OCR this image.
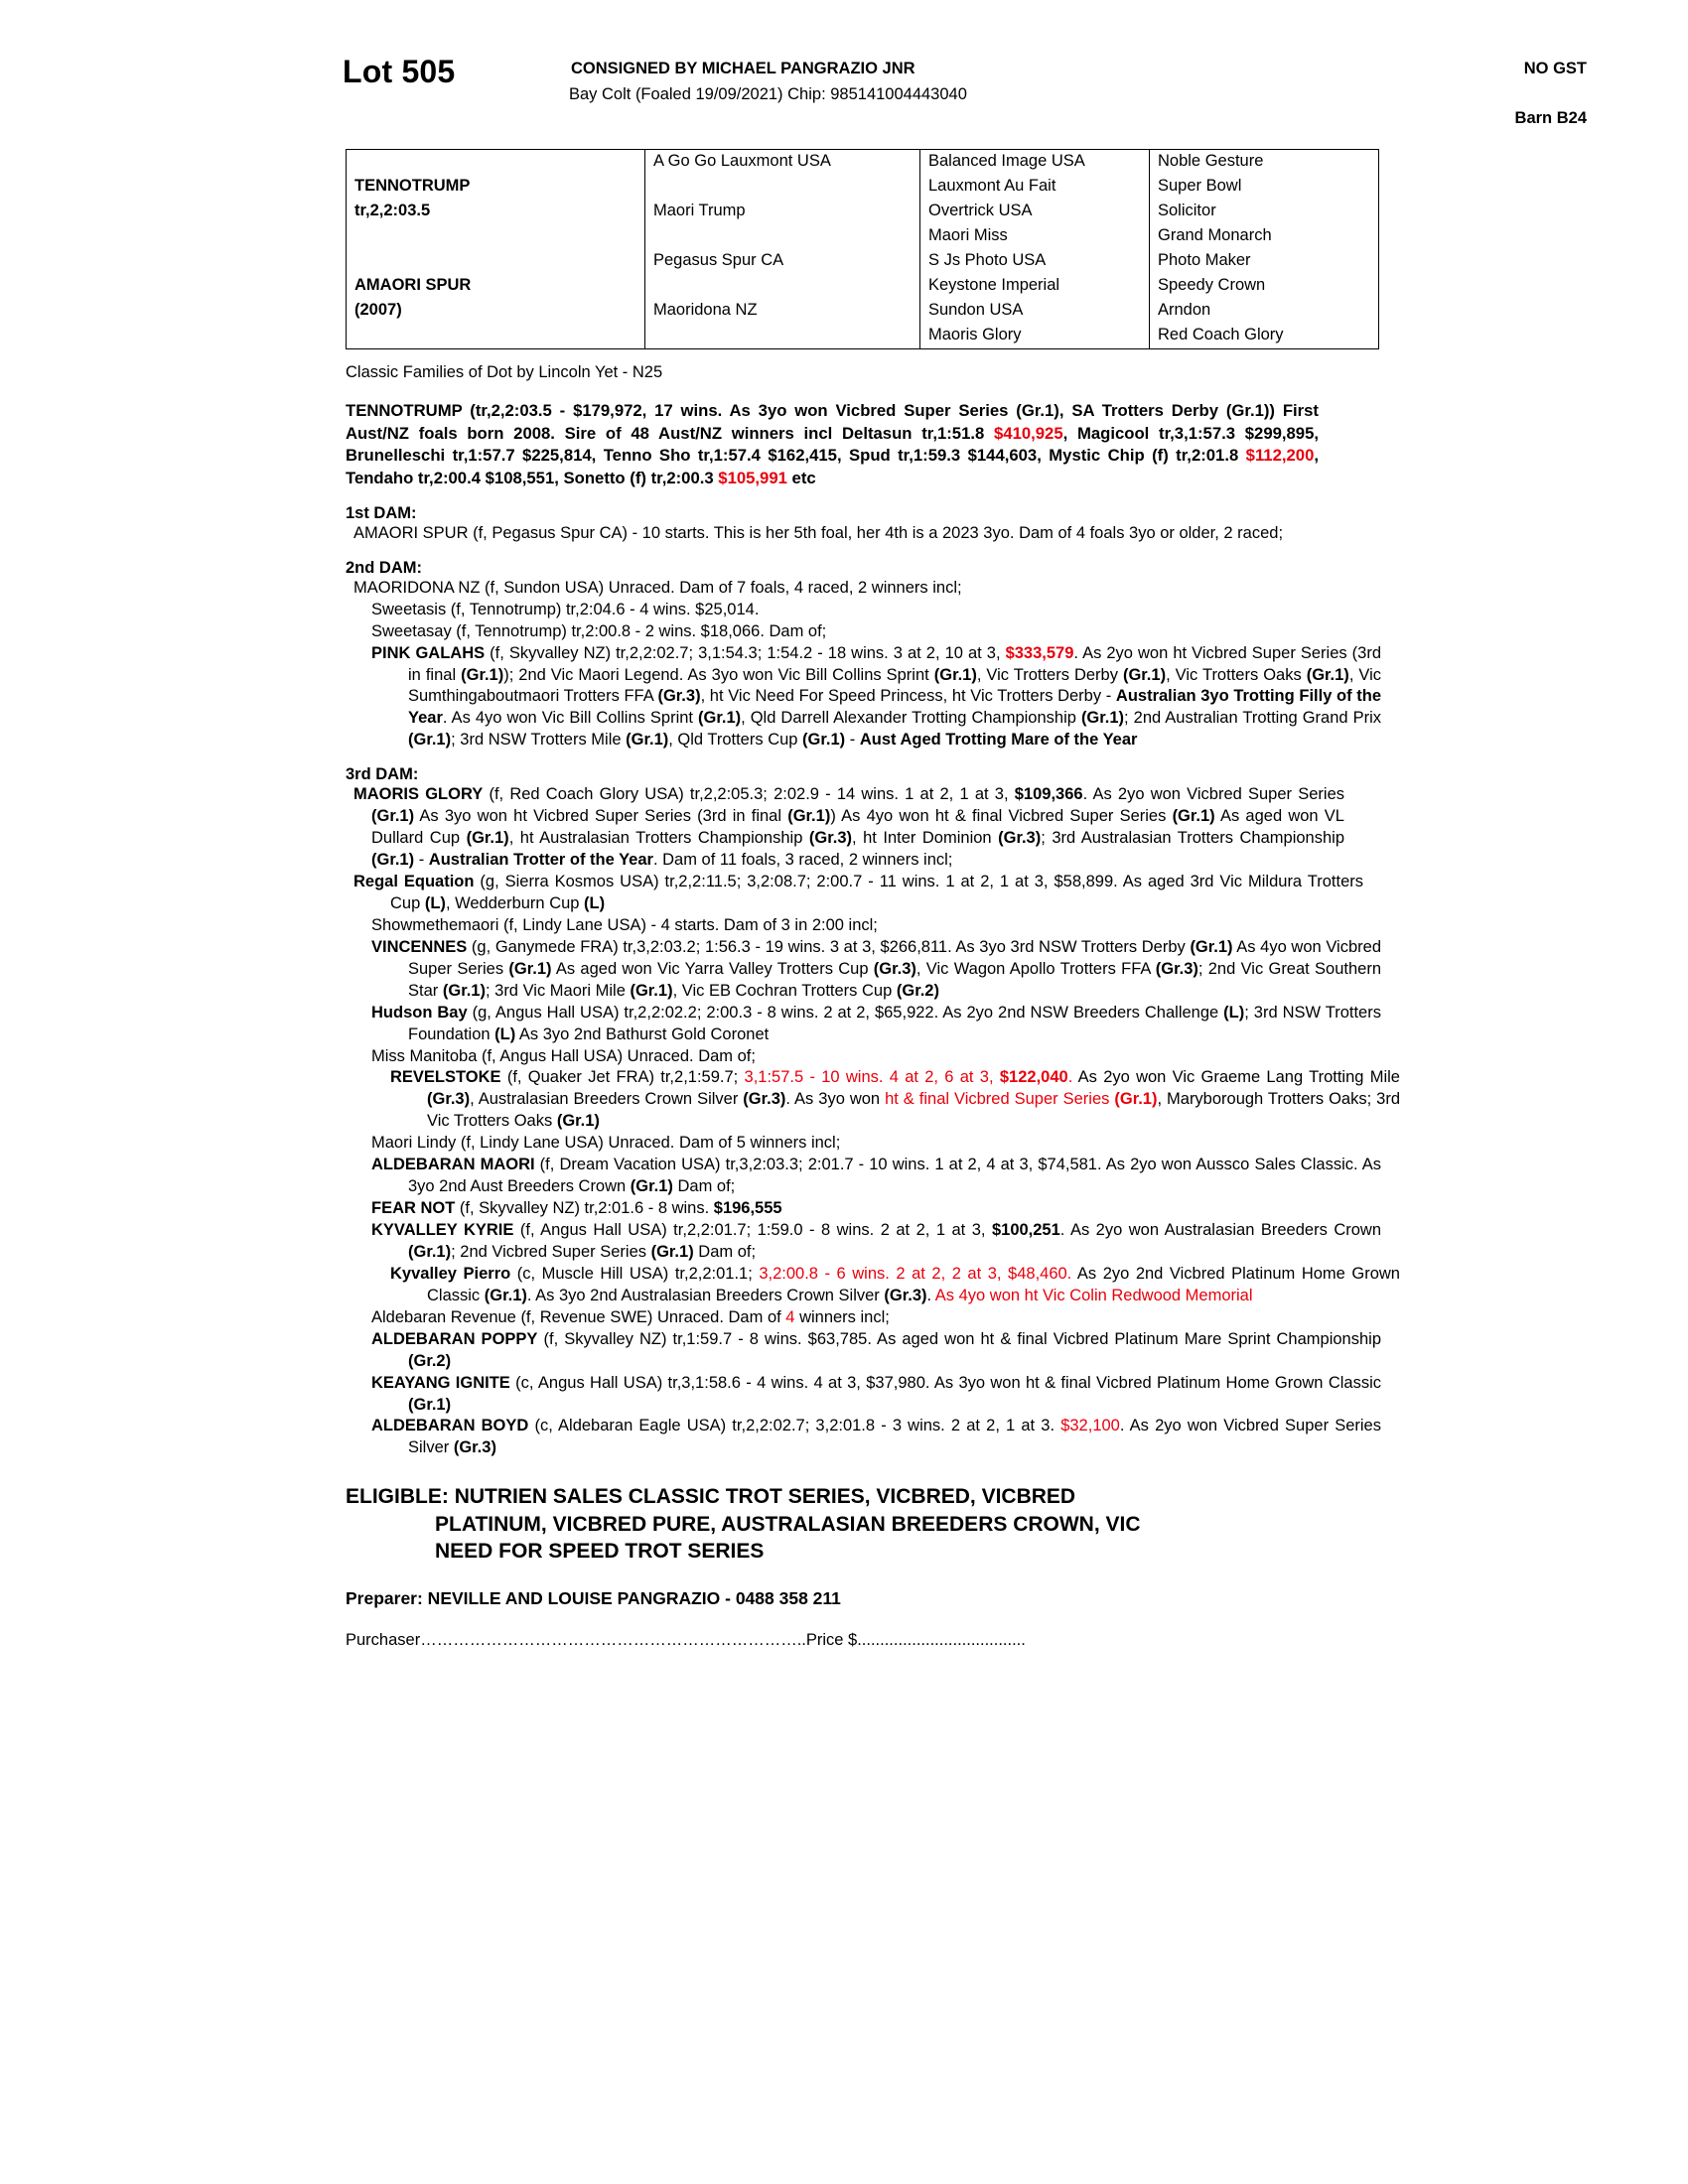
Lot 505	CONSIGNED BY MICHAEL PANGRAZIO JNR
Bay Colt (Foaled 19/09/2021) Chip: 985141004443040
NO GST
Barn B24
	A Go Go Lauxmont USA	Balanced Image USA	Noble Gesture
TENNOTRUMP		Lauxmont Au Fait	Super Bowl
tr,2,2:03.5	Maori Trump	Overtrick USA	Solicitor
		Maori Miss	Grand Monarch
	Pegasus Spur CA	S Js Photo USA	Photo Maker
AMAORI SPUR		Keystone Imperial	Speedy Crown
(2007)	Maoridona NZ	Sundon USA	Arndon
		Maoris Glory	Red Coach Glory
Classic Families of Dot by Lincoln Yet - N25
TENNOTRUMP (tr,2,2:03.5 - $179,972, 17 wins. As 3yo won Vicbred Super Series (Gr.1), SA Trotters Derby (Gr.1)) First Aust/NZ foals born 2008. Sire of 48 Aust/NZ winners incl Deltasun tr,1:51.8 $410,925, Magicool tr,3,1:57.3 $299,895, Brunelleschi tr,1:57.7 $225,814, Tenno Sho tr,1:57.4 $162,415, Spud tr,1:59.3 $144,603, Mystic Chip (f) tr,2:01.8 $112,200, Tendaho tr,2:00.4 $108,551, Sonetto (f) tr,2:00.3 $105,991 etc
1st DAM:
AMAORI SPUR (f, Pegasus Spur CA) - 10 starts. This is her 5th foal, her 4th is a 2023 3yo. Dam of 4 foals 3yo or older, 2 raced;
2nd DAM:
MAORIDONA NZ (f, Sundon USA) Unraced. Dam of 7 foals, 4 raced, 2 winners incl;
Sweetasis (f, Tennotrump) tr,2:04.6 - 4 wins. $25,014.
Sweetasay (f, Tennotrump) tr,2:00.8 - 2 wins. $18,066. Dam of;
PINK GALAHS (f, Skyvalley NZ) tr,2,2:02.7; 3,1:54.3; 1:54.2 - 18 wins. 3 at 2, 10 at 3, $333,579. As 2yo won ht Vicbred Super Series (3rd in final (Gr.1)); 2nd Vic Maori Legend. As 3yo won Vic Bill Collins Sprint (Gr.1), Vic Trotters Derby (Gr.1), Vic Trotters Oaks (Gr.1), Vic Sumthingaboutmaori Trotters FFA (Gr.3), ht Vic Need For Speed Princess, ht Vic Trotters Derby - Australian 3yo Trotting Filly of the Year. As 4yo won Vic Bill Collins Sprint (Gr.1), Qld Darrell Alexander Trotting Championship (Gr.1); 2nd Australian Trotting Grand Prix (Gr.1); 3rd NSW Trotters Mile (Gr.1), Qld Trotters Cup (Gr.1) - Aust Aged Trotting Mare of the Year
3rd DAM:
MAORIS GLORY (f, Red Coach Glory USA) tr,2,2:05.3; 2:02.9 - 14 wins. 1 at 2, 1 at 3, $109,366. As 2yo won Vicbred Super Series (Gr.1) As 3yo won ht Vicbred Super Series (3rd in final (Gr.1)) As 4yo won ht & final Vicbred Super Series (Gr.1) As aged won VL Dullard Cup (Gr.1), ht Australasian Trotters Championship (Gr.3), ht Inter Dominion (Gr.3); 3rd Australasian Trotters Championship (Gr.1) - Australian Trotter of the Year. Dam of 11 foals, 3 raced, 2 winners incl;
Regal Equation (g, Sierra Kosmos USA) tr,2,2:11.5; 3,2:08.7; 2:00.7 - 11 wins. 1 at 2, 1 at 3, $58,899. As aged 3rd Vic Mildura Trotters Cup (L), Wedderburn Cup (L)
Showmethemaori (f, Lindy Lane USA) - 4 starts. Dam of 3 in 2:00 incl;
VINCENNES (g, Ganymede FRA) tr,3,2:03.2; 1:56.3 - 19 wins. 3 at 3, $266,811. As 3yo 3rd NSW Trotters Derby (Gr.1) As 4yo won Vicbred Super Series (Gr.1) As aged won Vic Yarra Valley Trotters Cup (Gr.3), Vic Wagon Apollo Trotters FFA (Gr.3); 2nd Vic Great Southern Star (Gr.1); 3rd Vic Maori Mile (Gr.1), Vic EB Cochran Trotters Cup (Gr.2)
Hudson Bay (g, Angus Hall USA) tr,2,2:02.2; 2:00.3 - 8 wins. 2 at 2, $65,922. As 2yo 2nd NSW Breeders Challenge (L); 3rd NSW Trotters Foundation (L) As 3yo 2nd Bathurst Gold Coronet
Miss Manitoba (f, Angus Hall USA) Unraced. Dam of;
REVELSTOKE (f, Quaker Jet FRA) tr,2,1:59.7; 3,1:57.5 - 10 wins. 4 at 2, 6 at 3, $122,040. As 2yo won Vic Graeme Lang Trotting Mile (Gr.3), Australasian Breeders Crown Silver (Gr.3). As 3yo won ht & final Vicbred Super Series (Gr.1), Maryborough Trotters Oaks; 3rd Vic Trotters Oaks (Gr.1)
Maori Lindy (f, Lindy Lane USA) Unraced. Dam of 5 winners incl;
ALDEBARAN MAORI (f, Dream Vacation USA) tr,3,2:03.3; 2:01.7 - 10 wins. 1 at 2, 4 at 3, $74,581. As 2yo won Aussco Sales Classic. As 3yo 2nd Aust Breeders Crown (Gr.1) Dam of;
FEAR NOT (f, Skyvalley NZ) tr,2:01.6 - 8 wins. $196,555
KYVALLEY KYRIE (f, Angus Hall USA) tr,2,2:01.7; 1:59.0 - 8 wins. 2 at 2, 1 at 3, $100,251. As 2yo won Australasian Breeders Crown (Gr.1); 2nd Vicbred Super Series (Gr.1) Dam of;
Kyvalley Pierro (c, Muscle Hill USA) tr,2,2:01.1; 3,2:00.8 - 6 wins. 2 at 2, 2 at 3, $48,460. As 2yo 2nd Vicbred Platinum Home Grown Classic (Gr.1). As 3yo 2nd Australasian Breeders Crown Silver (Gr.3). As 4yo won ht Vic Colin Redwood Memorial
Aldebaran Revenue (f, Revenue SWE) Unraced. Dam of 4 winners incl;
ALDEBARAN POPPY (f, Skyvalley NZ) tr,1:59.7 - 8 wins. $63,785. As aged won ht & final Vicbred Platinum Mare Sprint Championship (Gr.2)
KEAYANG IGNITE (c, Angus Hall USA) tr,3,1:58.6 - 4 wins. 4 at 3, $37,980. As 3yo won ht & final Vicbred Platinum Home Grown Classic (Gr.1)
ALDEBARAN BOYD (c, Aldebaran Eagle USA) tr,2,2:02.7; 3,2:01.8 - 3 wins. 2 at 2, 1 at 3. $32,100. As 2yo won Vicbred Super Series Silver (Gr.3)
ELIGIBLE: NUTRIEN SALES CLASSIC TROT SERIES, VICBRED, VICBRED
PLATINUM, VICBRED PURE, AUSTRALASIAN BREEDERS CROWN, VIC
NEED FOR SPEED TROT SERIES
Preparer: NEVILLE AND LOUISE PANGRAZIO - 0488 358 211
Purchaser……………………………………………………………..Price $.....................................
